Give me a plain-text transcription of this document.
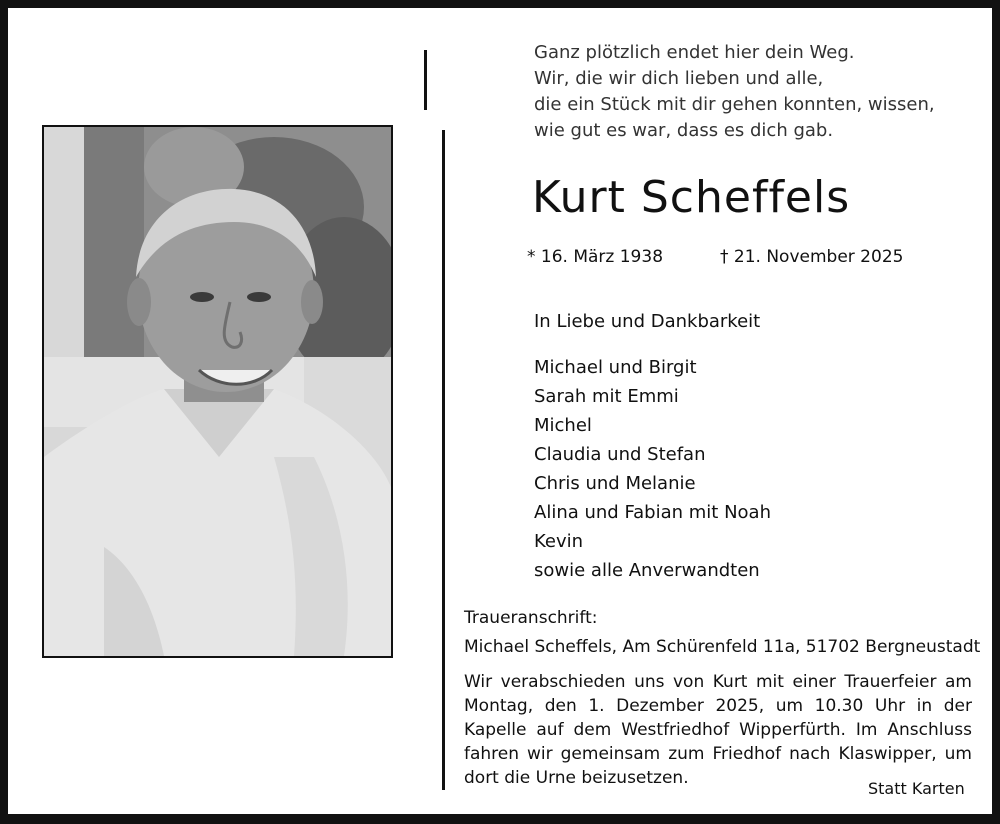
Ganz plötzlich endet hier dein Weg.
Wir, die wir dich lieben und alle,
die ein Stück mit dir gehen konnten, wissen,
wie gut es war, dass es dich gab.
Kurt Scheffels
* 16. März 1938	† 21. November 2025
In Liebe und Dankbarkeit
Michael und Birgit
Sarah mit Emmi
Michel
Claudia und Stefan
Chris und Melanie
Alina und Fabian mit Noah
Kevin
sowie alle Anverwandten
Traueranschrift:
Michael Scheffels, Am Schürenfeld 11a, 51702 Bergneustadt
Wir verabschieden uns von Kurt mit einer Trauerfeier am Montag, den 1. Dezember 2025, um 10.30 Uhr in der Kapelle auf dem Westfriedhof Wipperfürth. Im Anschluss fahren wir gemeinsam zum Friedhof nach Klaswipper, um dort die Urne beizusetzen.
Statt Karten
